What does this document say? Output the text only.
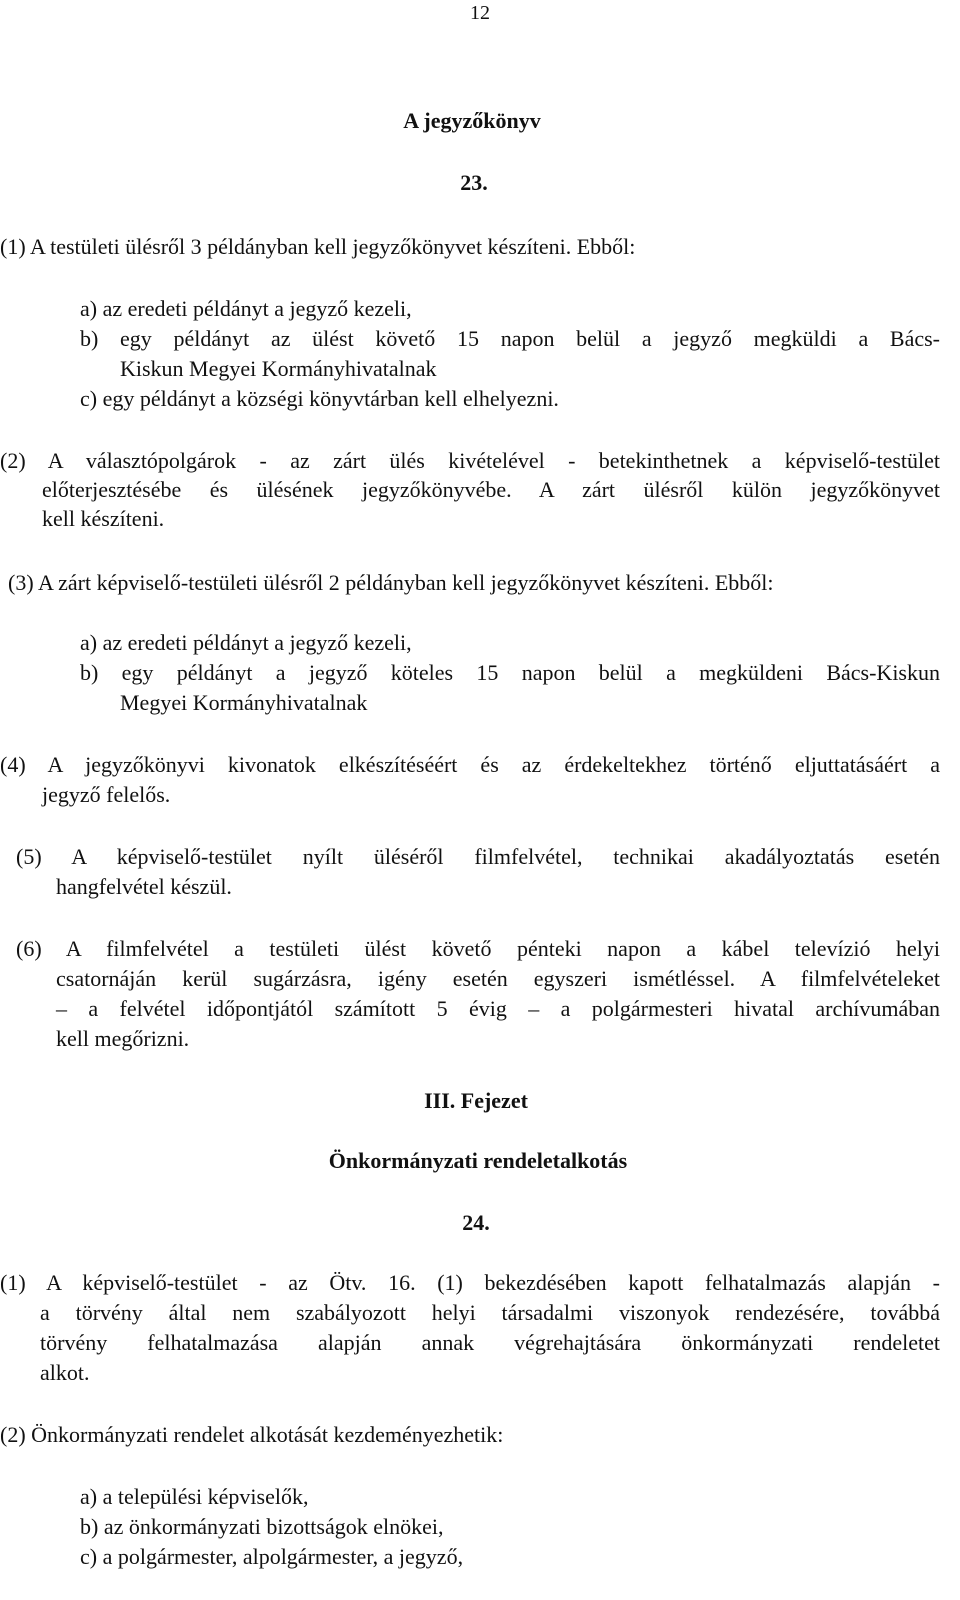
12
A jegyzőkönyv
23.
(1) A testületi ülésről 3 példányban kell jegyzőkönyvet készíteni. Ebből:
a) az eredeti példányt a jegyző kezeli,
b) egy példányt az ülést követő 15 napon belül a jegyző megküldi a Bács-
Kiskun Megyei Kormányhivatalnak
c) egy példányt a községi könyvtárban kell elhelyezni.
(2) A választópolgárok - az zárt ülés kivételével - betekinthetnek a képviselő-testület
előterjesztésébe és ülésének jegyzőkönyvébe. A zárt ülésről külön jegyzőkönyvet
kell készíteni.
(3) A zárt képviselő-testületi ülésről 2 példányban kell jegyzőkönyvet készíteni. Ebből:
a) az eredeti példányt a jegyző kezeli,
b) egy példányt a jegyző köteles 15 napon belül a megküldeni Bács-Kiskun
Megyei Kormányhivatalnak
(4) A jegyzőkönyvi kivonatok elkészítéséért és az érdekeltekhez történő eljuttatásáért a
jegyző felelős.
(5) A képviselő-testület nyílt üléséről filmfelvétel, technikai akadályoztatás esetén
hangfelvétel készül.
(6) A filmfelvétel a testületi ülést követő pénteki napon a kábel televízió helyi
csatornáján kerül sugárzásra, igény esetén egyszeri ismétléssel. A filmfelvételeket
– a felvétel időpontjától számított 5 évig – a polgármesteri hivatal archívumában
kell megőrizni.
III. Fejezet
Önkormányzati rendeletalkotás
24.
(1) A képviselő-testület - az Ötv. 16. (1) bekezdésében kapott felhatalmazás alapján -
a törvény által nem szabályozott helyi társadalmi viszonyok rendezésére, továbbá
törvény felhatalmazása alapján annak végrehajtására önkormányzati rendeletet
alkot.
(2) Önkormányzati rendelet alkotását kezdeményezhetik:
a) a települési képviselők,
b) az önkormányzati bizottságok elnökei,
c) a polgármester, alpolgármester, a jegyző,
